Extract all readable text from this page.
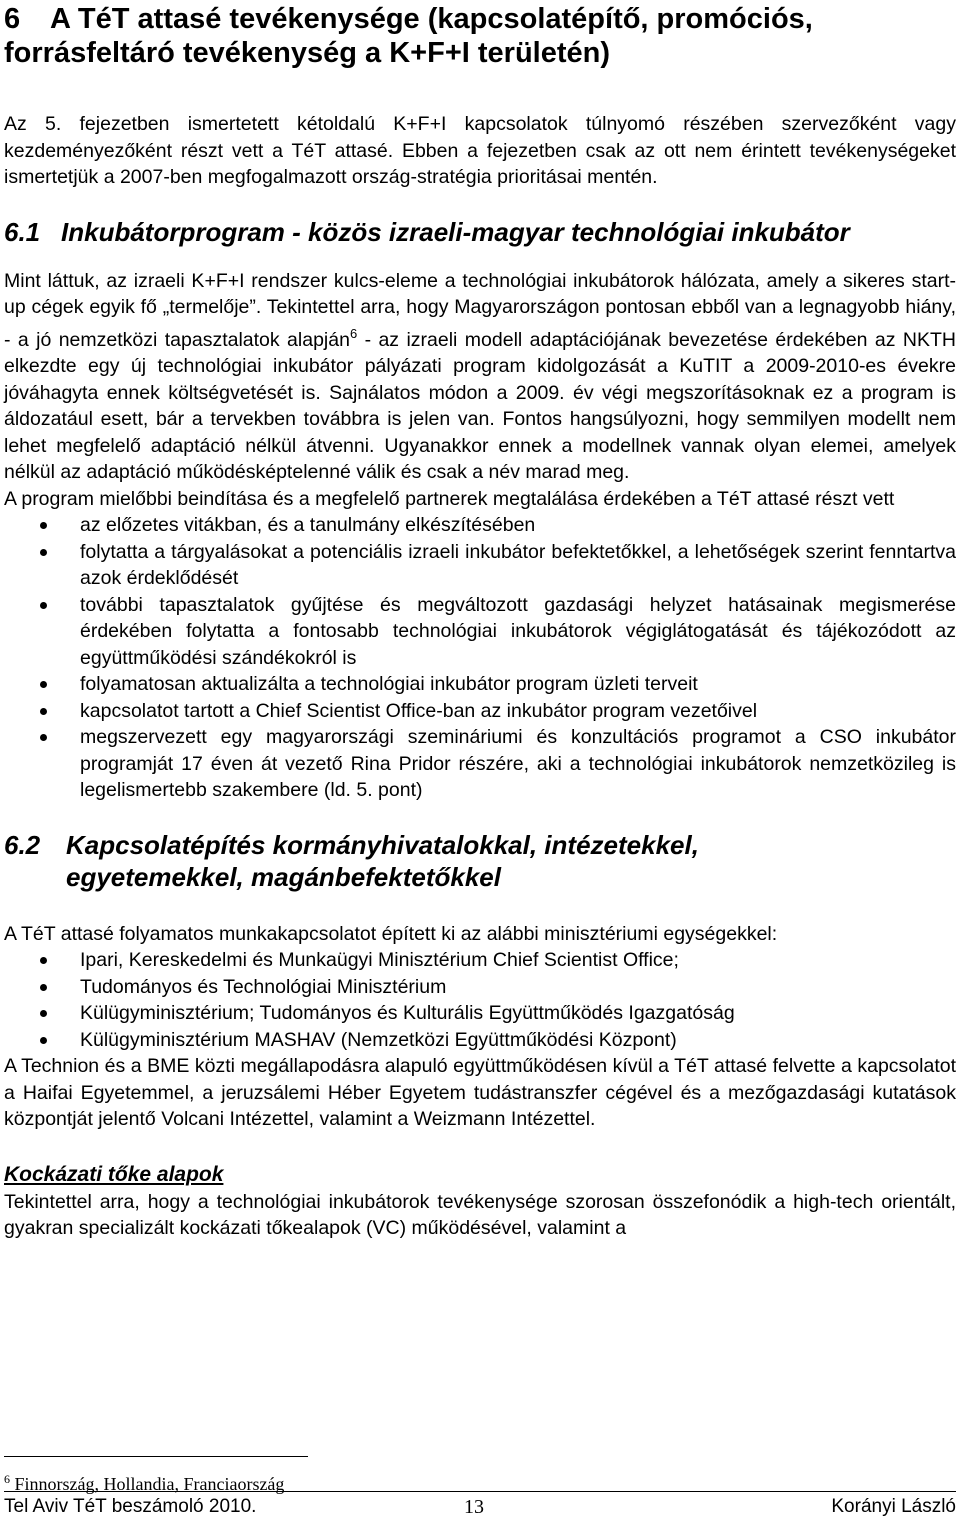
6 A TéT attasé tevékenysége (kapcsolatépítő, promóciós, forrásfeltáró tevékenység a K+F+I területén)

Az 5. fejezetben ismertetett kétoldalú K+F+I kapcsolatok túlnyomó részében szervezőként vagy kezdeményezőként részt vett a TéT attasé. Ebben a fejezetben csak az ott nem érintett tevékenységeket ismertetjük a 2007-ben megfogalmazott ország-stratégia prioritásai mentén.

6.1 Inkubátorprogram - közös izraeli-magyar technológiai inkubátor

Mint láttuk, az izraeli K+F+I rendszer kulcs-eleme a technológiai inkubátorok hálózata, amely a sikeres start-up cégek egyik fő „termelője”. Tekintettel arra, hogy Magyarországon pontosan ebből van a legnagyobb hiány, - a jó nemzetközi tapasztalatok alapján$^6$ - az izraeli modell adaptációjának bevezetése érdekében az NKTH elkezdte egy új technológiai inkubátor pályázati program kidolgozását a KuTIT a 2009-2010-es évekre jóváhagyta ennek költségvetését is. Sajnálatos módon a 2009. év végi megszorításoknak ez a program is áldozatául esett, bár a tervekben továbbra is jelen van. Fontos hangsúlyozni, hogy semmilyen modellt nem lehet megfelelő adaptáció nélkül átvenni. Ugyanakkor ennek a modellnek vannak olyan elemei, amelyek nélkül az adaptáció működésképtelenné válik és csak a név marad meg.

A program mielőbbi beindítása és a megfelelő partnerek megtalálása érdekében a TéT attasé részt vett

az előzetes vitákban, és a tanulmány elkészítésében
folytatta a tárgyalásokat a potenciális izraeli inkubátor befektetőkkel, a lehetőségek szerint fenntartva azok érdeklődését
további tapasztalatok gyűjtése és megváltozott gazdasági helyzet hatásainak megismerése érdekében folytatta a fontosabb technológiai inkubátorok végiglátogatását és tájékozódott az együttműködési szándékokról is
folyamatosan aktualizálta a technológiai inkubátor program üzleti terveit
kapcsolatot tartott a Chief Scientist Office-ban az inkubátor program vezetőivel
megszervezett egy magyarországi szemináriumi és konzultációs programot a CSO inkubátor programját 17 éven át vezető Rina Pridor részére, aki a technológiai inkubátorok nemzetközileg is legelismertebb szakembere (ld. 5. pont)
6.2 Kapcsolatépítés kormányhivatalokkal, intézetekkel,
egyetemekkel, magánbefektetőkkel

A TéT attasé folyamatos munkakapcsolatot épített ki az alábbi minisztériumi egységekkel:

Ipari, Kereskedelmi és Munkaügyi Minisztérium Chief Scientist Office;
Tudományos és Technológiai Minisztérium
Külügyminisztérium; Tudományos és Kulturális Együttműködés Igazgatóság
Külügyminisztérium MASHAV (Nemzetközi Együttműködési Központ)

A Technion és a BME közti megállapodásra alapuló együttműködésen kívül a TéT attasé felvette a kapcsolatot a Haifai Egyetemmel, a jeruzsálemi Héber Egyetem tudástranszfer cégével és a mezőgazdasági kutatások központját jelentő Volcani Intézettel, valamint a Weizmann Intézettel.

Kockázati tőke alapok

Tekintettel arra, hogy a technológiai inkubátorok tevékenysége szorosan összefonódik a high-tech orientált, gyakran specializált kockázati tőkealapok (VC) működésével, valamint a

$^6$ Finnország, Hollandia, Franciaország
Tel Aviv TéT beszámoló 2010.	13	Korányi László
